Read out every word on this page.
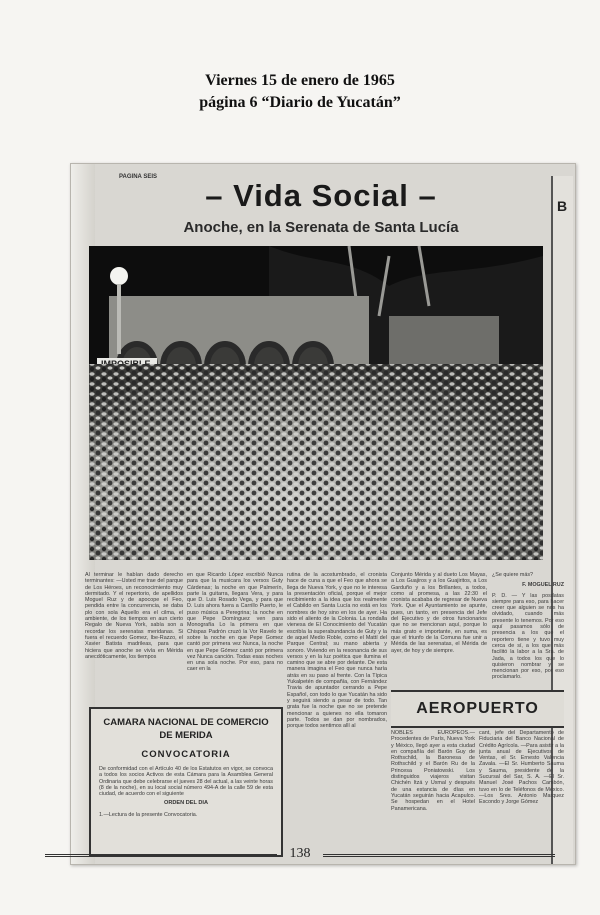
Viernes 15 de enero de 1965
página 6 “Diario de Yucatán”
PAGINA SEIS
B
– Vida Social –
Anoche, en la Serenata de Santa Lucía
Al terminar le habían dado derecho terminantes: —Usted me trae del parque de Los Héroes, un reconocimiento muy dermitado. Y el repertorio, de apellidos Moguel Ruz y de apocope el Feo, pendida entre la concurrencia, se daba plo con sola Aquello era el cilma, el ambiente, de los tiempos en aun cierto Regalo de Nueva York, sabía son a recordar los serenatas meridanas. Si fuera el recuerdo Gomez, Ibe-Razzo, el Xavier Batista madrileas, para que hiciera que anoche se vivía en Mérida anecdóticamente, los tiempos
en que Ricardo López escribió Nunca para que la musicara los versos Guty Cárdenas; la noche en que Palmerín, parte la guitarra, llegara Vera, y para que D. Luis Rosado Vega, y para que D. Luis ahora fuera a Carrillo Puerto, le puso música a Peregrina; la noche en que Pepe Domínguez ven para Monografía Lo la primera en que Chispas Padrón cruzó la Vor Ravelo te sobre la noche en que Pepe Gomez cantó por primera vez Nunca, la noche en que Pepe Gómez cantó por primera vez Nunca canción. Todas esas noches en una sola noche. Por eso, para no caer en la
rutina de la acostumbrado, el cronista hace de cuna a que el Feo que ahora se llega de Nueva York, y que no le interesa la presentación oficial, porque el mejor recibimiento a la idea que los realmente el Cabildo en Santa Lucía no está en los nombres de hoy sino en los de ayer. Ha sido el aliento de la Colonia. La rondalla vienesa de El Conocimiento del Yucatán escribía la superabundancia de Guty y la de aquel Medio Roble, como el Mattí del Parque Central; su mano abierta y sonoro. Viviendo en la resonancia de sus versos y en la luz poética que ilumina el camino que se abre por delante. De esta manera imagina el Feo que nunca haría atrás en su paso al frente. Con la Típica Yukalpetén de compañía, con Fernández Travia de apuntador cerrando a Pepe Español, con todo lo que Yucatán ha sido y seguirá siendo a pesar de todo. Tan grata fue la noche que no se pretende mencionar a quienes no ella tomaron parte. Todos se dan por nombrados, porque todos sentimos allí al
Conjunto Mérida y al dueto Los Mayas, a Los Guajiros y a los Guajiritos, a Los Garduño y a los Brillantes, a todos, como al promesa, a las 22:30 el cronista acababa de regresar de Nueva York. Que el Ayuntamiento se apunte, pues, un tanto, en presencia del Jefe del Ejecutivo y de otros funcionarios que no se mencionan aquí, porque lo más grato e importante, en suma, es que el triunfo de la Comuna fue unir a Mérida de las serenatas, el Mérida de ayer, de hoy y de siempre.
¿Se quiere más?
F. MOGUEL RUZ
P. D. — Y las posdatas siempre para eso, para hacer creer que alguien se nos ha olvidado, cuando más presente lo tenemos. Por eso aquí pasamos sólo de presencia a los que el reportero tiene y tuvo muy cerca de sí, a los que más facilitó la labor a la Sra. de Jada, a todos los que lo quisieron nombrar y se mencionan por eso, por eso proclamarlo.
CAMARA NACIONAL DE COMERCIO
DE MERIDA
CONVOCATORIA
De conformidad con el Artículo 40 de los Estatutos en vigor, se convoca a todos los socios Activos de esta Cámara para la Asamblea General Ordinaria que debe celebrarse el jueves 28 del actual, a las veinte horas (8 de la noche), en su local social número 494-A de la calle 59 de esta ciudad, de acuerdo con el siguiente
ORDEN DEL DIA
1.—Lectura de la presente Convocatoria.
AEROPUERTO
NOBLES EUROPEOS.— Procedentes de París, Nueva York y México, llegó ayer a esta ciudad en compañía del Barón Guy de Rothschild, la Baronesa de Rothschild y el Barón Ru de la Princesa Poniatowski. Los distinguidos viajeros visitan Chichén Itzá y Uxmal y después de una estancia de días en Yucatán seguirán hacia Acapulco. Se hospedan en el Hotel Panamericana.
cant, jefe del Departamento de Fiduciaria del Banco Nacional de Crédito Agrícola. —Para asistir a la junta anual de Ejecutivos de Ventas, el Sr. Ernesto Valencia Zavala. —El Sr. Humberto Sauma y Sauma, presidente de la Sucursal del Sar, S. A. —El Sr. Manuel José Pachos Cambón, tuvo en lo de Teléfonos de México. —Los Sres. Antonio Marquez Escondo y Jorge Gómez
138
